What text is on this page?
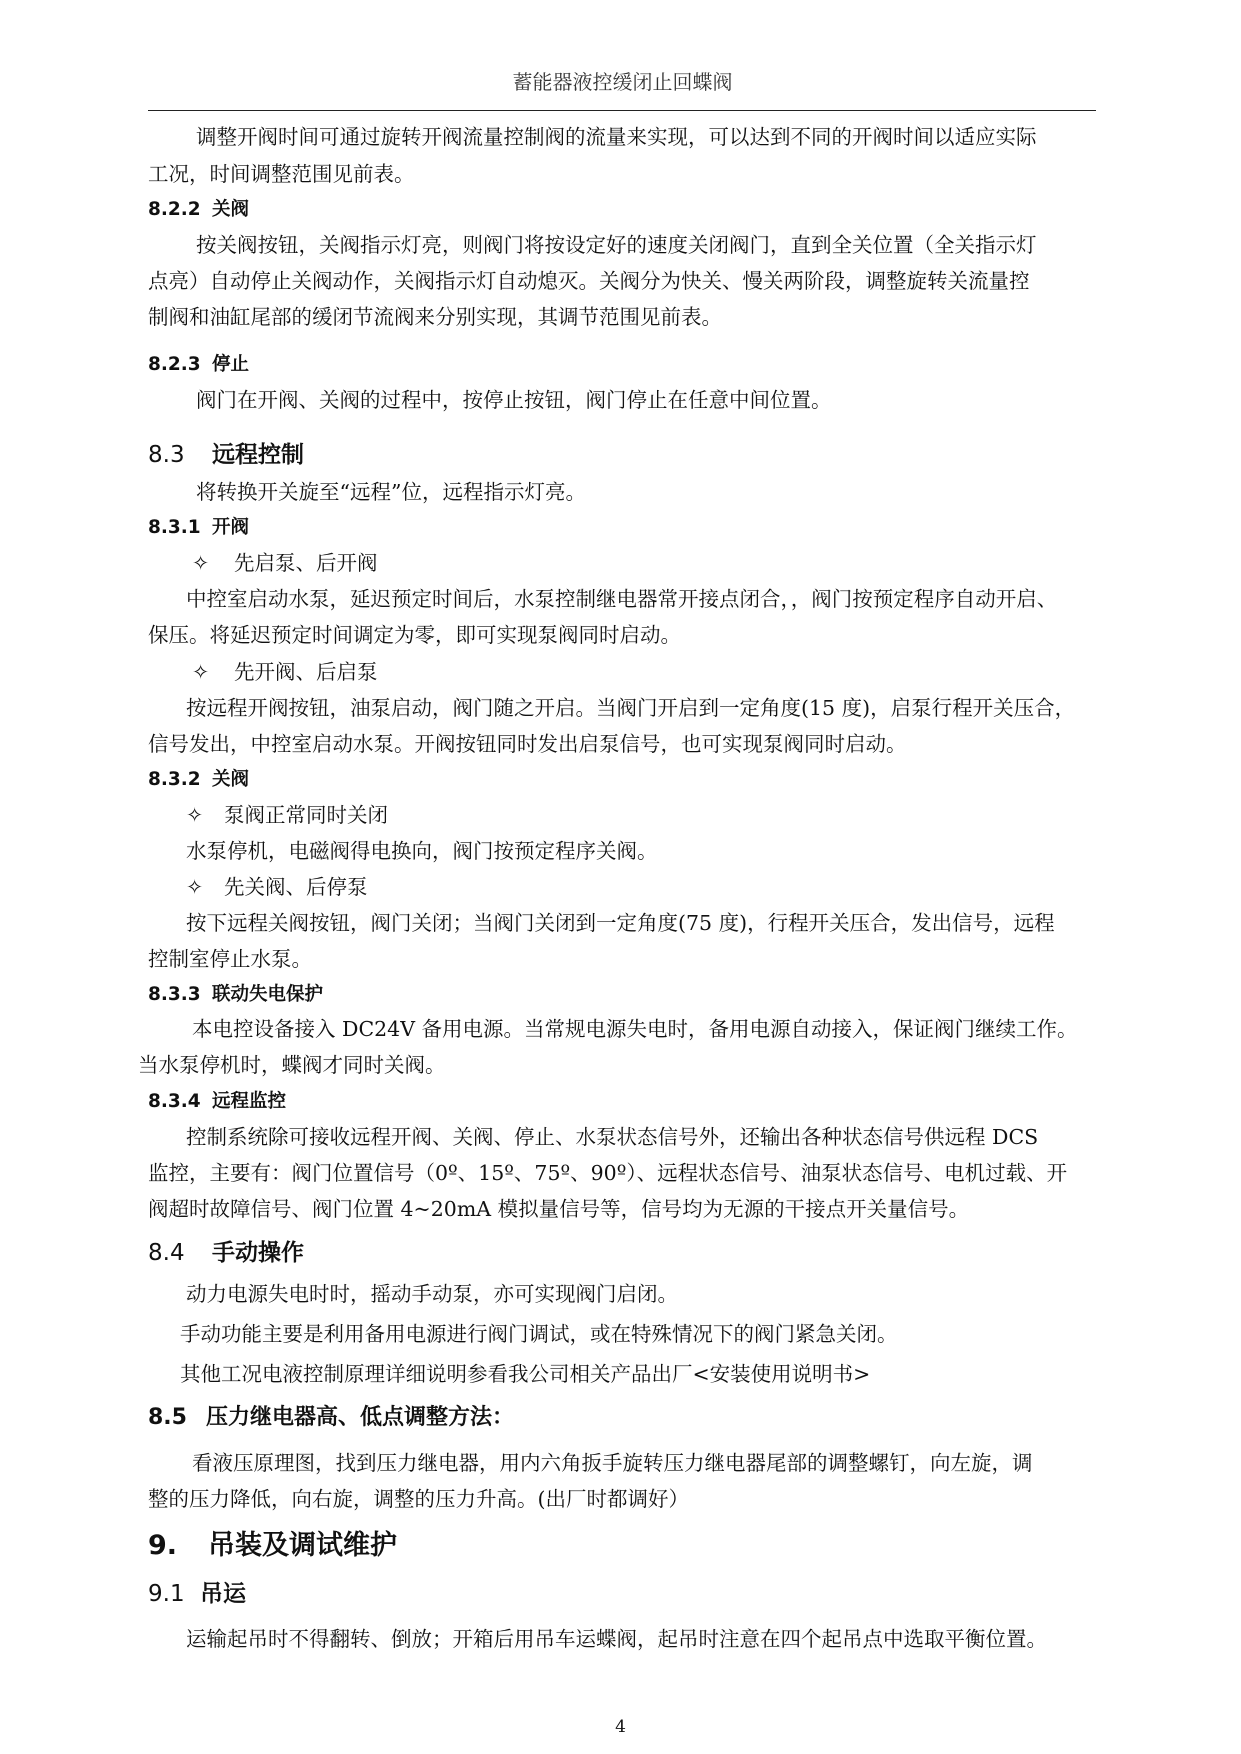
蓄能器液控缓闭止回蝶阀
调整开阀时间可通过旋转开阀流量控制阀的流量来实现，可以达到不同的开阀时间以适应实际
工况，时间调整范围见前表。
8.2.2 关阀
按关阀按钮，关阀指示灯亮，则阀门将按设定好的速度关闭阀门，直到全关位置（全关指示灯
点亮）自动停止关阀动作，关阀指示灯自动熄灭。关阀分为快关、慢关两阶段，调整旋转关流量控
制阀和油缸尾部的缓闭节流阀来分别实现，其调节范围见前表。
8.2.3 停止
阀门在开阀、关阀的过程中，按停止按钮，阀门停止在任意中间位置。
8.3 远程控制
将转换开关旋至“远程”位，远程指示灯亮。
8.3.1 开阀
✧ 先启泵、后开阀
中控室启动水泵，延迟预定时间后，水泵控制继电器常开接点闭合，，阀门按预定程序自动开启、
保压。将延迟预定时间调定为零，即可实现泵阀同时启动。
✧ 先开阀、后启泵
按远程开阀按钮，油泵启动，阀门随之开启。当阀门开启到一定角度(15 度)，启泵行程开关压合，
信号发出，中控室启动水泵。开阀按钮同时发出启泵信号，也可实现泵阀同时启动。
8.3.2 关阀
✧ 泵阀正常同时关闭
水泵停机，电磁阀得电换向，阀门按预定程序关阀。
✧ 先关阀、后停泵
按下远程关阀按钮，阀门关闭；当阀门关闭到一定角度(75 度)，行程开关压合，发出信号，远程
控制室停止水泵。
8.3.3 联动失电保护
本电控设备接入 DC24V 备用电源。当常规电源失电时，备用电源自动接入，保证阀门继续工作。
当水泵停机时，蝶阀才同时关阀。
8.3.4 远程监控
控制系统除可接收远程开阀、关阀、停止、水泵状态信号外，还输出各种状态信号供远程 DCS
监控，主要有：阀门位置信号（0º、15º、75º、90º）、远程状态信号、油泵状态信号、电机过载、开
阀超时故障信号、阀门位置 4~20mA 模拟量信号等，信号均为无源的干接点开关量信号。
8.4 手动操作
动力电源失电时时，摇动手动泵，亦可实现阀门启闭。
手动功能主要是利用备用电源进行阀门调试，或在特殊情况下的阀门紧急关闭。
其他工况电液控制原理详细说明参看我公司相关产品出厂<安装使用说明书>
8.5 压力继电器高、低点调整方法：
看液压原理图，找到压力继电器，用内六角扳手旋转压力继电器尾部的调整螺钉，向左旋，调
整的压力降低，向右旋，调整的压力升高。(出厂时都调好）
9. 吊装及调试维护
9.1 吊运
运输起吊时不得翻转、倒放；开箱后用吊车运蝶阀，起吊时注意在四个起吊点中选取平衡位置。
4
